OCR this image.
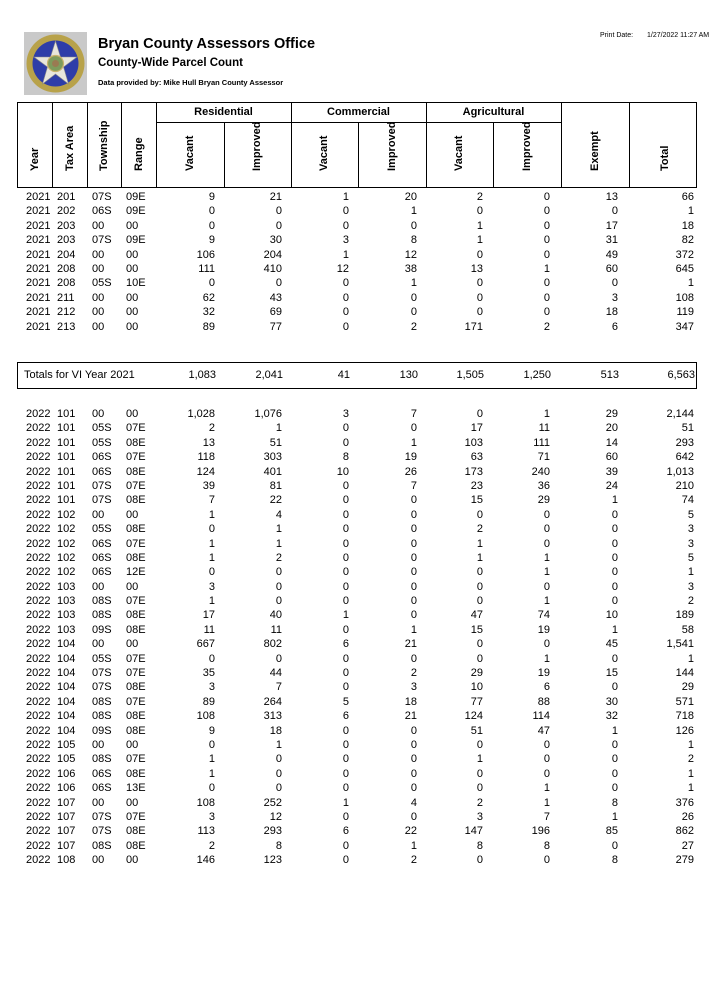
Bryan County Assessors Office
County-Wide Parcel Count
Data provided by: Mike Hull Bryan County Assessor
Print Date: 1/27/2022 11:27 AM
Residential	Commercial	Agricultural
Year Tax Area Township Range	Vacant	Improved	Vacant	Improved	Vacant	Improved	Exempt	Total
2021 201 07S 09E	9	21	1	20	2	0	13	66
2021 202 06S 09E	0	0	0	1	0	0	0	1
2021 203 00 00	0	0	0	0	1	0	17	18
2021 203 07S 09E	9	30	3	8	1	0	31	82
2021 204 00 00	106	204	1	12	0	0	49	372
2021 208 00 00	111	410	12	38	13	1	60	645
2021 208 05S 10E	0	0	0	1	0	0	0	1
2021 211 00 00	62	43	0	0	0	0	3	108
2021 212 00 00	32	69	0	0	0	0	18	119
2021 213 00 00	89	77	0	2	171	2	6	347
Totals for VI Year 2021	1,083	2,041	41	130	1,505	1,250	513	6,563
2022 101 00 00	1,028	1,076	3	7	0	1	29	2,144
2022 101 05S 07E	2	1	0	0	17	11	20	51
2022 101 05S 08E	13	51	0	1	103	111	14	293
2022 101 06S 07E	118	303	8	19	63	71	60	642
2022 101 06S 08E	124	401	10	26	173	240	39	1,013
2022 101 07S 07E	39	81	0	7	23	36	24	210
2022 101 07S 08E	7	22	0	0	15	29	1	74
2022 102 00 00	1	4	0	0	0	0	0	5
2022 102 05S 08E	0	1	0	0	2	0	0	3
2022 102 06S 07E	1	1	0	0	1	0	0	3
2022 102 06S 08E	1	2	0	0	1	1	0	5
2022 102 06S 12E	0	0	0	0	0	1	0	1
2022 103 00 00	3	0	0	0	0	0	0	3
2022 103 08S 07E	1	0	0	0	0	1	0	2
2022 103 08S 08E	17	40	1	0	47	74	10	189
2022 103 09S 08E	11	11	0	1	15	19	1	58
2022 104 00 00	667	802	6	21	0	0	45	1,541
2022 104 05S 07E	0	0	0	0	0	1	0	1
2022 104 07S 07E	35	44	0	2	29	19	15	144
2022 104 07S 08E	3	7	0	3	10	6	0	29
2022 104 08S 07E	89	264	5	18	77	88	30	571
2022 104 08S 08E	108	313	6	21	124	114	32	718
2022 104 09S 08E	9	18	0	0	51	47	1	126
2022 105 00 00	0	1	0	0	0	0	0	1
2022 105 08S 07E	1	0	0	0	1	0	0	2
2022 106 06S 08E	1	0	0	0	0	0	0	1
2022 106 06S 13E	0	0	0	0	0	1	0	1
2022 107 00 00	108	252	1	4	2	1	8	376
2022 107 07S 07E	3	12	0	0	3	7	1	26
2022 107 07S 08E	113	293	6	22	147	196	85	862
2022 107 08S 08E	2	8	0	1	8	8	0	27
2022 108 00 00	146	123	0	2	0	0	8	279
